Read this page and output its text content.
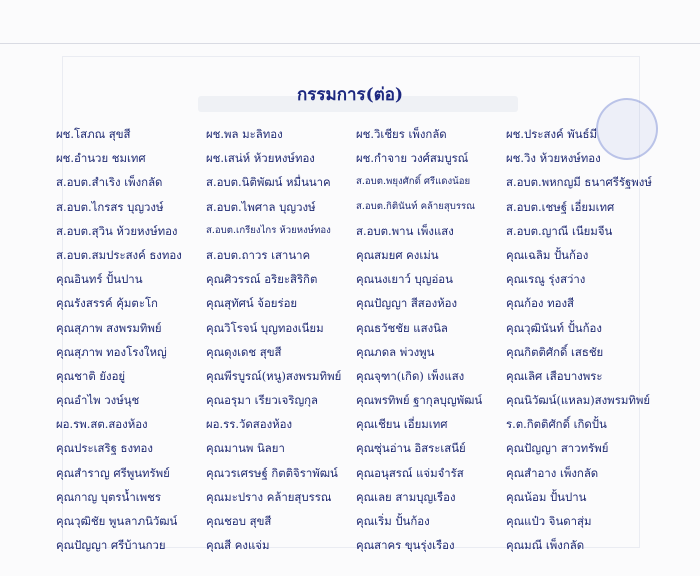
กรรมการ(ต่อ)
ผช.โสภณ สุขสี	ผช.พล มะลิทอง	ผช.วิเชียร เพ็งกลัด	ผช.ประสงค์ พันธ์มี
ผช.อำนวย ชมเทศ	ผช.เสน่ห์ ห้วยหงษ์ทอง	ผช.กำจาย วงศ์สมบูรณ์	ผช.วิง ห้วยหงษ์ทอง
ส.อบต.สำเริง เพ็งกลัด	ส.อบต.นิติพัฒน์ หมื่นนาค	ส.อบต.พยุงศักดิ์ ศรีแดงน้อย	ส.อบต.พหกญมี ธนาศรีรัฐพงษ์
ส.อบต.ไกรสร บุญวงษ์	ส.อบต.ไพศาล บุญวงษ์	ส.อบต.กิตินันท์ คล้ายสุบรรณ	ส.อบต.เชษฐ์ เอี่ยมเทศ
ส.อบต.สุวิน ห้วยหงษ์ทอง	ส.อบต.เกรียงไกร ห้วยหงษ์ทอง	ส.อบต.พาน เพ็งแสง	ส.อบต.ญาณี เนียมจีน
ส.อบต.สมประสงค์ ธงทอง	ส.อบต.ถาวร เสานาค	คุณสมยศ คงเม่น	คุณเฉลิม ปั้นก้อง
คุณอินทร์ ปั้นปาน	คุณศิวรรณ์ อริยะสิริกิต	คุณนงเยาว์ บุญอ่อน	คุณเรณู รุ่งสว่าง
คุณรังสรรค์ คุ้มตะโก	คุณสุทัศน์ จ้อยร่อย	คุณปัญญา สีสองห้อง	คุณก้อง ทองสี
คุณสุภาพ สงพรมทิพย์	คุณวิโรจน์ บุญทองเนียม	คุณธวัชชัย แสงนิล	คุณวุฒินันท์ ปั้นก้อง
คุณสุภาพ ทองโรงใหญ่	คุณดุงเดช สุขสี	คุณภดล พ่วงพูน	คุณกิตติศักดิ์ เสธชัย
คุณชาติ ยังอยู่	คุณพีรบูรณ์(หนู)สงพรมทิพย์	คุณจุฑา(เกิด) เพ็งแสง	คุณเลิศ เสือบางพระ
คุณอำไพ วงษ์นุช	คุณอรุมา เรียวเจริญกุล	คุณพรทิพย์ ฐากุลบุญพัฒน์	คุณนิวัฒน์(แหลม)สงพรมทิพย์
ผอ.รพ.สต.สองห้อง	ผอ.รร.วัดสองห้อง	คุณเชียน เอี่ยมเทศ	ร.ต.กิตติศักดิ์ เกิดปั้น
คุณประเสริฐ ธงทอง	คุณมานพ นิลยา	คุณซุ่นอ่าน อิสระเสนีย์	คุณปัญญา สาวทรัพย์
คุณสำราญ ศรีพูนทรัพย์	คุณวรเศรษฐ์ กิตติจิราพัฒน์	คุณอนุสรณ์ แจ่มจำรัส	คุณสำอาง เพ็งกลัด
คุณกาญ บุตรน้ำเพชร	คุณมะปราง คล้ายสุบรรณ	คุณเลย สามบุญเรือง	คุณน้อม ปั้นปาน
คุณวุฒิชัย พูนลาภนิวัฒน์	คุณชอบ สุขสี	คุณเริ่ม ปั้นก้อง	คุณแป๋ว จินดาสุ่ม
คุณปัญญา ศรีบ้านกวย	คุณสี คงแจ่ม	คุณสาคร ขุนรุ่งเรือง	คุณมณี เพ็งกลัด
